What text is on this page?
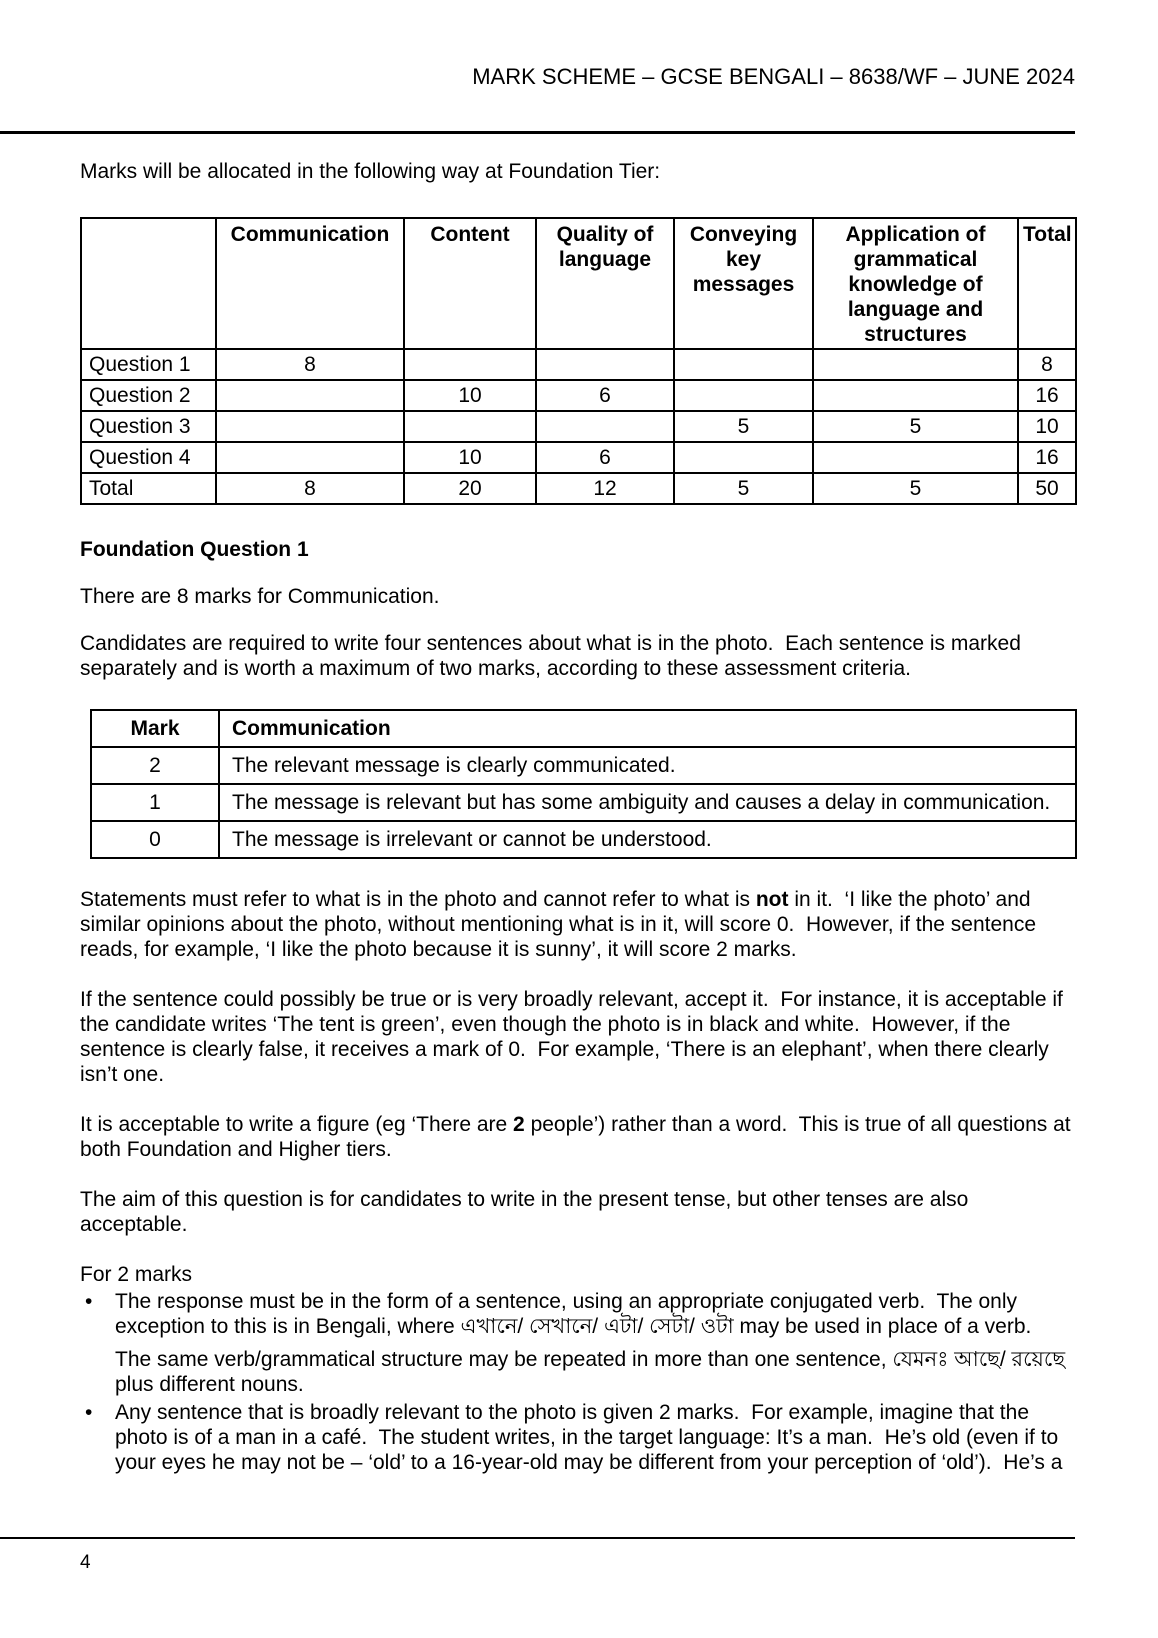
MARK SCHEME – GCSE BENGALI – 8638/WF – JUNE 2024

Marks will be allocated in the following way at Foundation Tier:

	Communication	Content	Quality of language	Conveying key messages	Application of grammatical knowledge of language and structures	Total
Question 1	8					8
Question 2		10	6			16
Question 3				5	5	10
Question 4		10	6			16
Total	8	20	12	5	5	50

Foundation Question 1

There are 8 marks for Communication.

Candidates are required to write four sentences about what is in the photo.  Each sentence is marked separately and is worth a maximum of two marks, according to these assessment criteria.

Mark	Communication
2	The relevant message is clearly communicated.
1	The message is relevant but has some ambiguity and causes a delay in communication.
0	The message is irrelevant or cannot be understood.

Statements must refer to what is in the photo and cannot refer to what is not in it.  ‘I like the photo’ and similar opinions about the photo, without mentioning what is in it, will score 0.  However, if the sentence reads, for example, ‘I like the photo because it is sunny’, it will score 2 marks.

If the sentence could possibly be true or is very broadly relevant, accept it.  For instance, it is acceptable if the candidate writes ‘The tent is green’, even though the photo is in black and white.  However, if the sentence is clearly false, it receives a mark of 0.  For example, ‘There is an elephant’, when there clearly isn’t one.

It is acceptable to write a figure (eg ‘There are 2 people’) rather than a word.  This is true of all questions at both Foundation and Higher tiers.

The aim of this question is for candidates to write in the present tense, but other tenses are also acceptable.

For 2 marks

•	The response must be in the form of a sentence, using an appropriate conjugated verb.  The only exception to this is in Bengali, where এখানে/ সেখানে/ এটা/ সেটা/ ওটা may be used in place of a verb.

The same verb/grammatical structure may be repeated in more than one sentence, যেমনঃ আছে/ রয়েছে plus different nouns.

•	Any sentence that is broadly relevant to the photo is given 2 marks.  For example, imagine that the photo is of a man in a café.  The student writes, in the target language: It’s a man.  He’s old (even if to your eyes he may not be – ‘old’ to a 16-year-old may be different from your perception of ‘old’).  He’s a

4
